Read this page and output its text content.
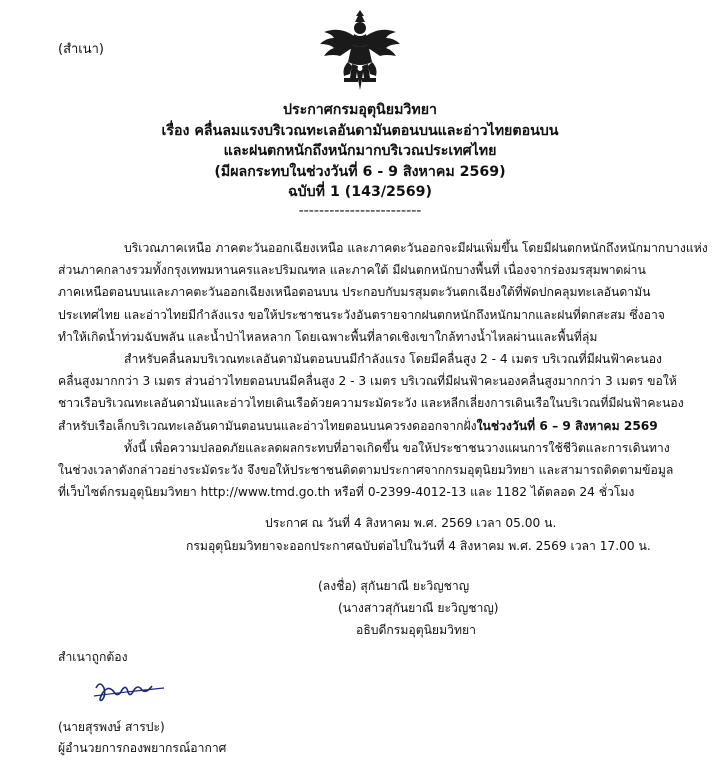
(สำเนา)
ประกาศกรมอุตุนิยมวิทยา
เรื่อง คลื่นลมแรงบริเวณทะเลอันดามันตอนบนและอ่าวไทยตอนบน
และฝนตกหนักถึงหนักมากบริเวณประเทศไทย
(มีผลกระทบในช่วงวันที่ 6 - 9 สิงหาคม 2569)
ฉบับที่ 1 (143/2569)
------------------------
บริเวณภาคเหนือ ภาคตะวันออกเฉียงเหนือ และภาคตะวันออกจะมีฝนเพิ่มขึ้น โดยมีฝนตกหนักถึงหนักมากบางแห่ง
ส่วนภาคกลางรวมทั้งกรุงเทพมหานครและปริมณฑล และภาคใต้ มีฝนตกหนักบางพื้นที่ เนื่องจากร่องมรสุมพาดผ่าน
ภาคเหนือตอนบนและภาคตะวันออกเฉียงเหนือตอนบน ประกอบกับมรสุมตะวันตกเฉียงใต้ที่พัดปกคลุมทะเลอันดามัน
ประเทศไทย และอ่าวไทยมีกำลังแรง ขอให้ประชาชนระวังอันตรายจากฝนตกหนักถึงหนักมากและฝนที่ตกสะสม ซึ่งอาจ
ทำให้เกิดน้ำท่วมฉับพลัน และน้ำป่าไหลหลาก โดยเฉพาะพื้นที่ลาดเชิงเขาใกล้ทางน้ำไหลผ่านและพื้นที่ลุ่ม
สำหรับคลื่นลมบริเวณทะเลอันดามันตอนบนมีกำลังแรง โดยมีคลื่นสูง 2 - 4 เมตร บริเวณที่มีฝนฟ้าคะนอง
คลื่นสูงมากกว่า 3 เมตร ส่วนอ่าวไทยตอนบนมีคลื่นสูง 2 - 3 เมตร บริเวณที่มีฝนฟ้าคะนองคลื่นสูงมากกว่า 3 เมตร ขอให้
ชาวเรือบริเวณทะเลอันดามันและอ่าวไทยเดินเรือด้วยความระมัดระวัง และหลีกเลี่ยงการเดินเรือในบริเวณที่มีฝนฟ้าคะนอง
สำหรับเรือเล็กบริเวณทะเลอันดามันตอนบนและอ่าวไทยตอนบนควรงดออกจากฝั่งในช่วงวันที่ 6 – 9 สิงหาคม 2569
ทั้งนี้ เพื่อความปลอดภัยและลดผลกระทบที่อาจเกิดขึ้น ขอให้ประชาชนวางแผนการใช้ชีวิตและการเดินทาง
ในช่วงเวลาดังกล่าวอย่างระมัดระวัง จึงขอให้ประชาชนติดตามประกาศจากกรมอุตุนิยมวิทยา และสามารถติดตามข้อมูล
ที่เว็บไซต์กรมอุตุนิยมวิทยา http://www.tmd.go.th หรือที่ 0-2399-4012-13 และ 1182 ได้ตลอด 24 ชั่วโมง
ประกาศ ณ วันที่ 4 สิงหาคม พ.ศ. 2569 เวลา 05.00 น.
กรมอุตุนิยมวิทยาจะออกประกาศฉบับต่อไปในวันที่ 4 สิงหาคม พ.ศ. 2569 เวลา 17.00 น.
(ลงชื่อ) สุกันยาณี ยะวิญชาญ
(นางสาวสุกันยาณี ยะวิญชาญ)
อธิบดีกรมอุตุนิยมวิทยา
สำเนาถูกต้อง
(นายสุรพงษ์ สารปะ)
ผู้อำนวยการกองพยากรณ์อากาศ
